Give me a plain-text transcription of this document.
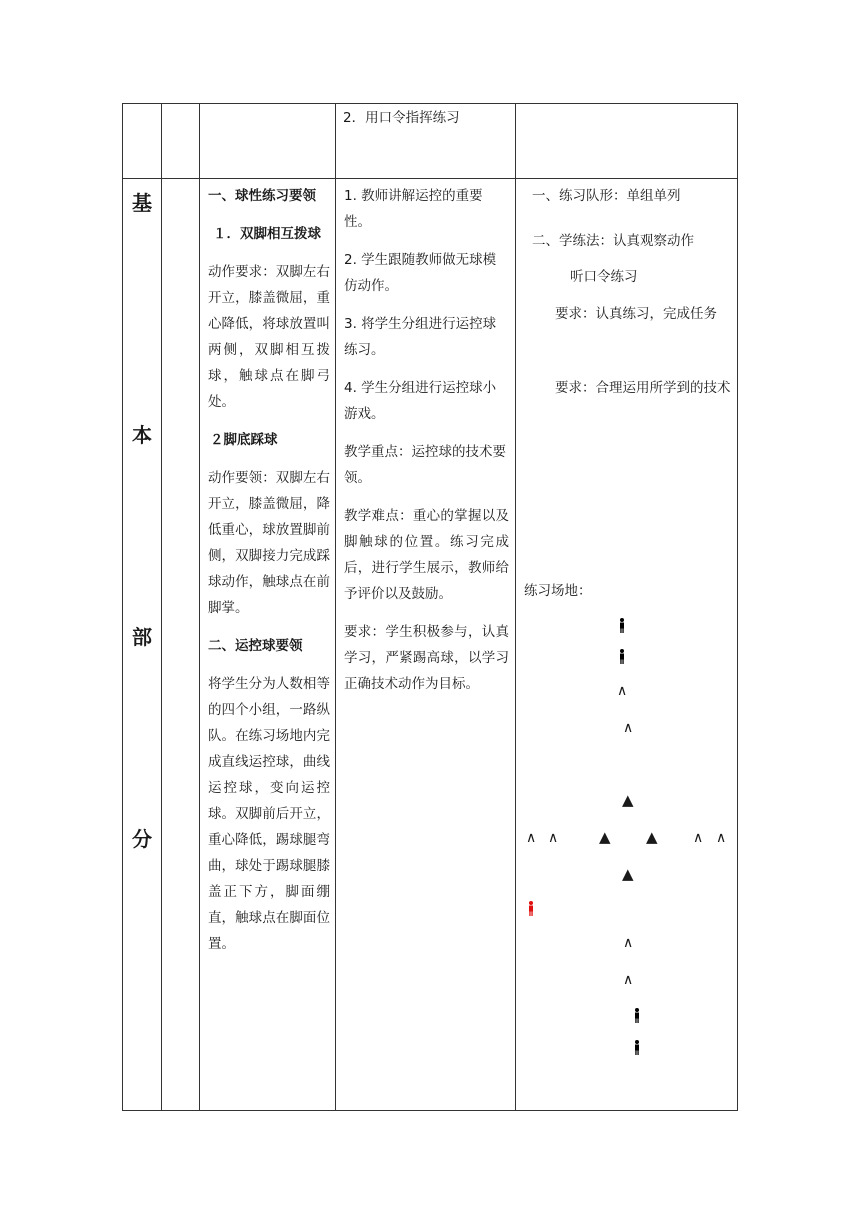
2．用口令指挥练习

基
本
部
分

一、球性练习要领

１．双脚相互拨球

动作要求：双脚左右开立，膝盖微屈，重心降低，将球放置叫两侧，双脚相互拨球，触球点在脚弓处。

２脚底踩球

动作要领：双脚左右开立，膝盖微屈，降低重心，球放置脚前侧，双脚接力完成踩球动作，触球点在前脚掌。

二、运控球要领

将学生分为人数相等的四个小组，一路纵队。在练习场地内完成直线运控球，曲线运控球，变向运控球。双脚前后开立，重心降低，踢球腿弯曲，球处于踢球腿膝盖正下方，脚面绷直，触球点在脚面位置。

1. 教师讲解运控的重要性。

2. 学生跟随教师做无球模仿动作。

3. 将学生分组进行运控球练习。

4. 学生分组进行运控球小游戏。

教学重点：运控球的技术要领。

教学难点：重心的掌握以及脚触球的位置。练习完成后，进行学生展示，教师给予评价以及鼓励。

要求：学生积极参与，认真学习，严紧踢高球，以学习正确技术动作为目标。

一、练习队形：单组单列

二、学练法：认真观察动作

听口令练习

要求：认真练习，完成任务

要求：合理运用所学到的技术

练习场地：

∧
∧
▲
∧ ∧	▲ ▲	∧ ∧
▲
∧
∧
